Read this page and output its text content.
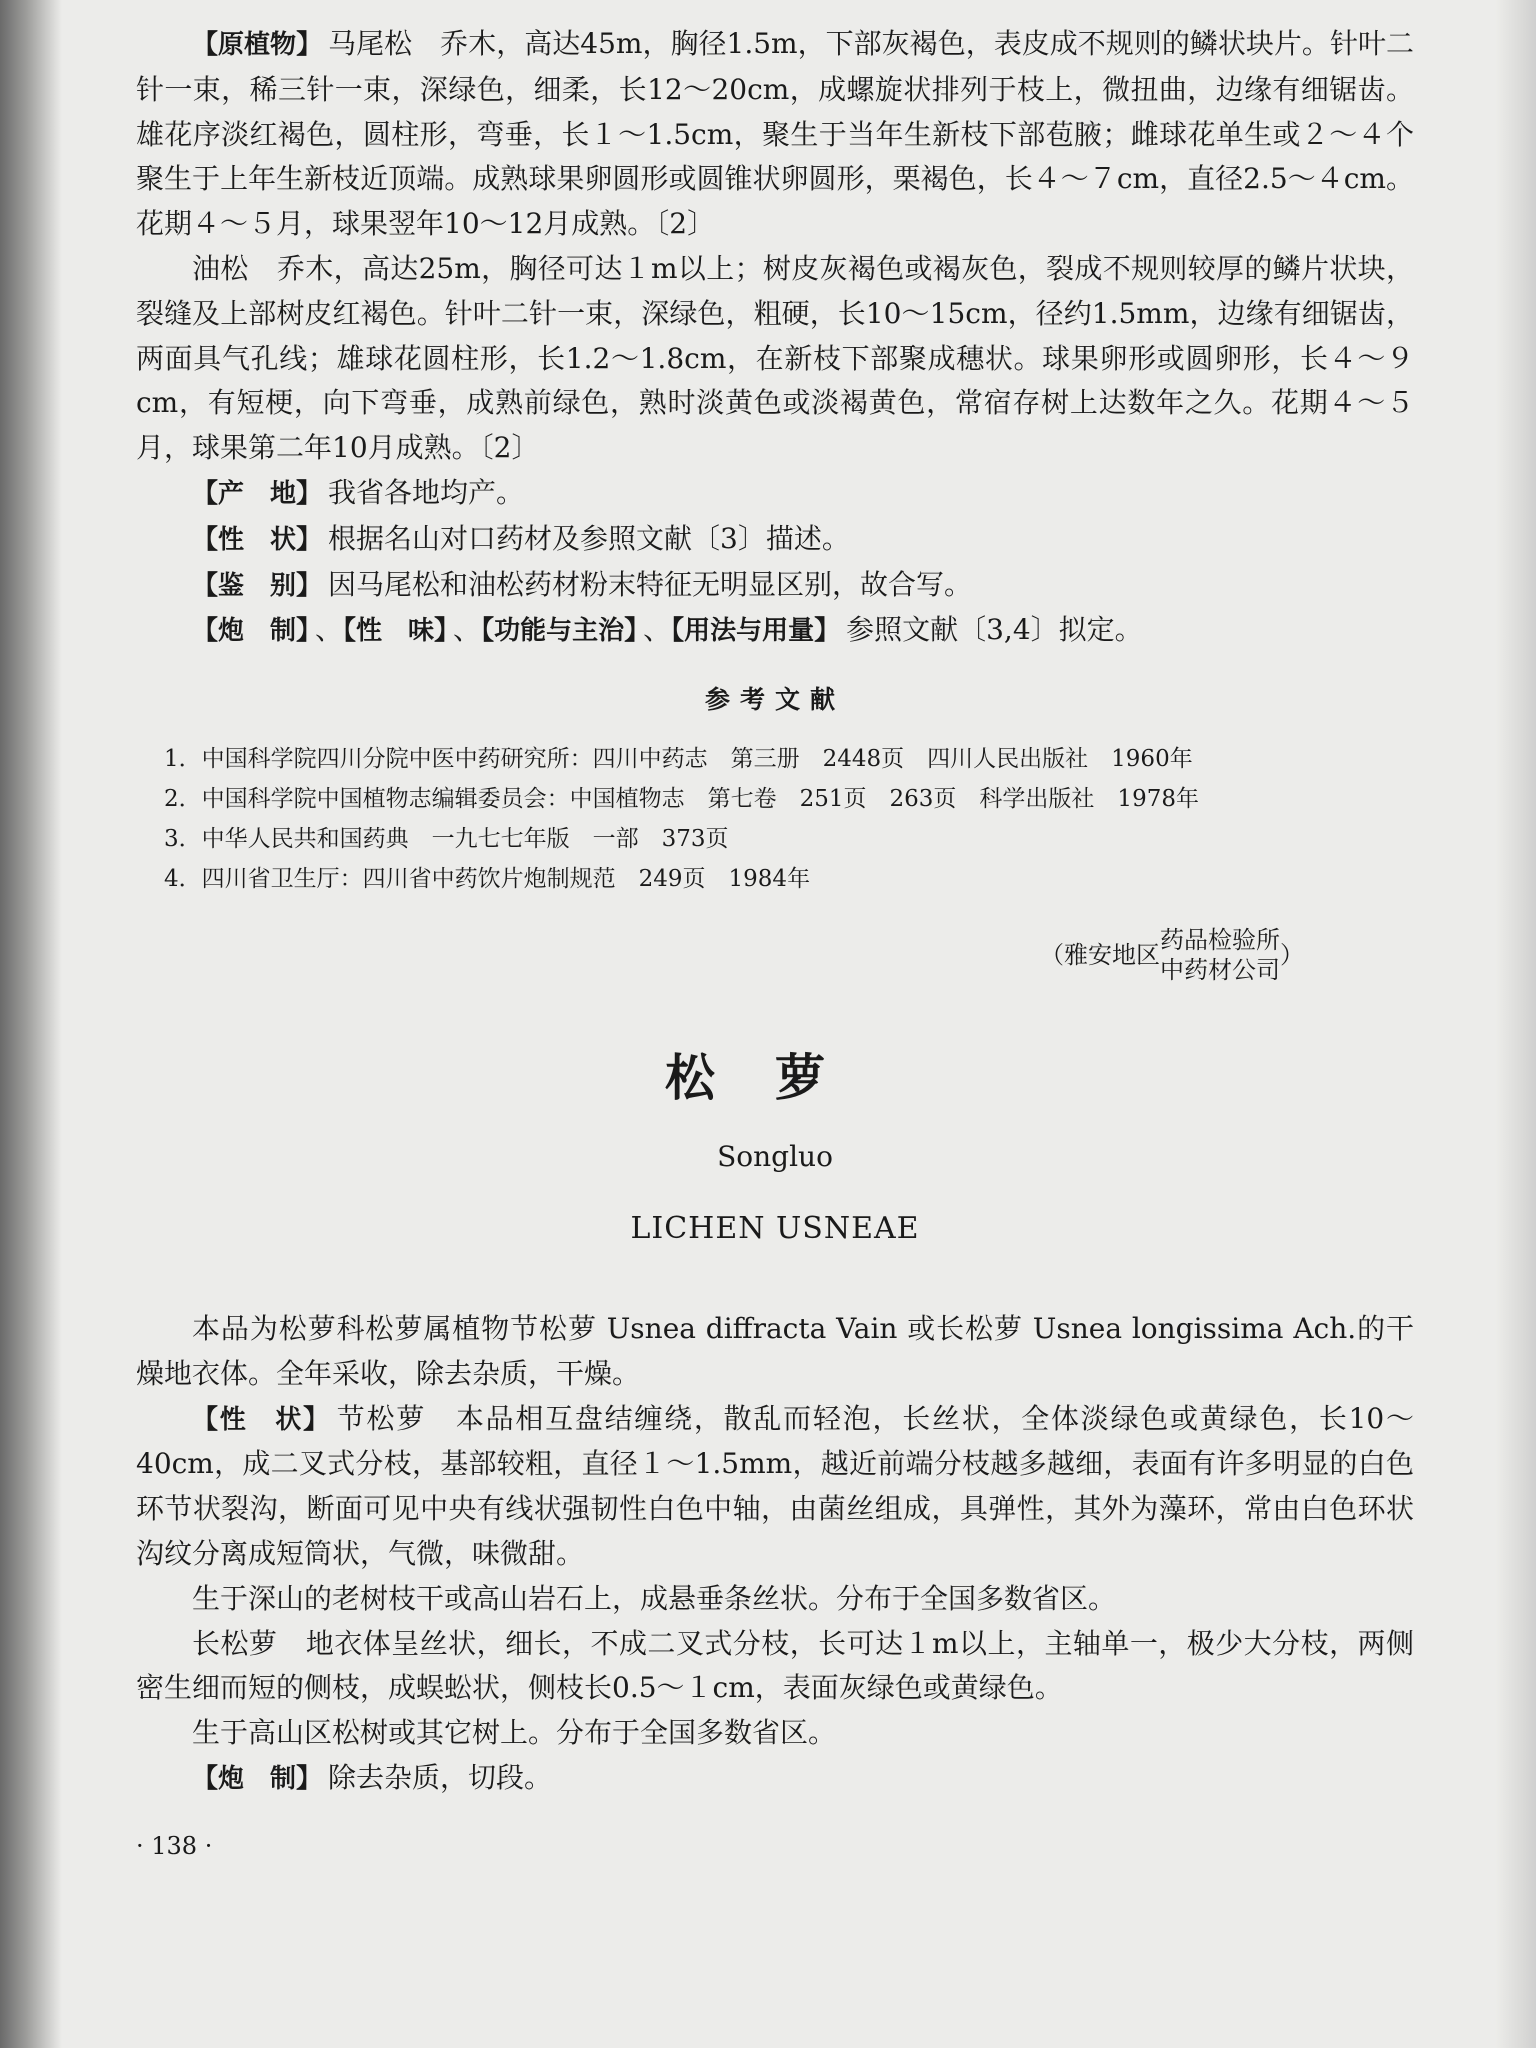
【原植物】 马尾松　乔木，高达45m，胸径1.5m，下部灰褐色，表皮成不规则的鳞状块片。针叶二针一束，稀三针一束，深绿色，细柔，长12～20cm，成螺旋状排列于枝上，微扭曲，边缘有细锯齿。雄花序淡红褐色，圆柱形，弯垂，长１～1.5cm，聚生于当年生新枝下部苞腋；雌球花单生或２～４个聚生于上年生新枝近顶端。成熟球果卵圆形或圆锥状卵圆形，栗褐色，长４～７cm，直径2.5～４cm。花期４～５月，球果翌年10～12月成熟。〔2〕

油松　乔木，高达25m，胸径可达１m以上；树皮灰褐色或褐灰色，裂成不规则较厚的鳞片状块，裂缝及上部树皮红褐色。针叶二针一束，深绿色，粗硬，长10～15cm，径约1.5mm，边缘有细锯齿，两面具气孔线；雄球花圆柱形，长1.2～1.8cm，在新枝下部聚成穗状。球果卵形或圆卵形，长４～９cm，有短梗，向下弯垂，成熟前绿色，熟时淡黄色或淡褐黄色，常宿存树上达数年之久。花期４～５月，球果第二年10月成熟。〔2〕

【产　地】 我省各地均产。

【性　状】 根据名山对口药材及参照文献〔3〕描述。

【鉴　别】 因马尾松和油松药材粉末特征无明显区别，故合写。

【炮　制】 、【性　味】 、【功能与主治】 、【用法与用量】 参照文献〔3,4〕拟定。

参考文献
1．中国科学院四川分院中医中药研究所：四川中药志　第三册　2448页　四川人民出版社　1960年
2．中国科学院中国植物志编辑委员会：中国植物志　第七卷　251页　263页　科学出版社　1978年
3．中华人民共和国药典　一九七七年版　一部　373页
4．四川省卫生厅：四川省中药饮片炮制规范　249页　1984年
（雅安地区
药品检验所
中药材公司
）
松萝
Songluo
LICHEN USNEAE

本品为松萝科松萝属植物节松萝 Usnea diffracta Vain 或长松萝 Usnea longissima Ach.的干燥地衣体。全年采收，除去杂质，干燥。

【性　状】 节松萝　本品相互盘结缠绕，散乱而轻泡，长丝状，全体淡绿色或黄绿色，长10～40cm，成二叉式分枝，基部较粗，直径１～1.5mm，越近前端分枝越多越细，表面有许多明显的白色环节状裂沟，断面可见中央有线状强韧性白色中轴，由菌丝组成，具弹性，其外为藻环，常由白色环状沟纹分离成短筒状，气微，味微甜。

生于深山的老树枝干或高山岩石上，成悬垂条丝状。分布于全国多数省区。

长松萝　地衣体呈丝状，细长，不成二叉式分枝，长可达１m以上，主轴单一，极少大分枝，两侧密生细而短的侧枝，成蜈蚣状，侧枝长0.5～１cm，表面灰绿色或黄绿色。

生于高山区松树或其它树上。分布于全国多数省区。

【炮　制】 除去杂质，切段。

· 138 ·
